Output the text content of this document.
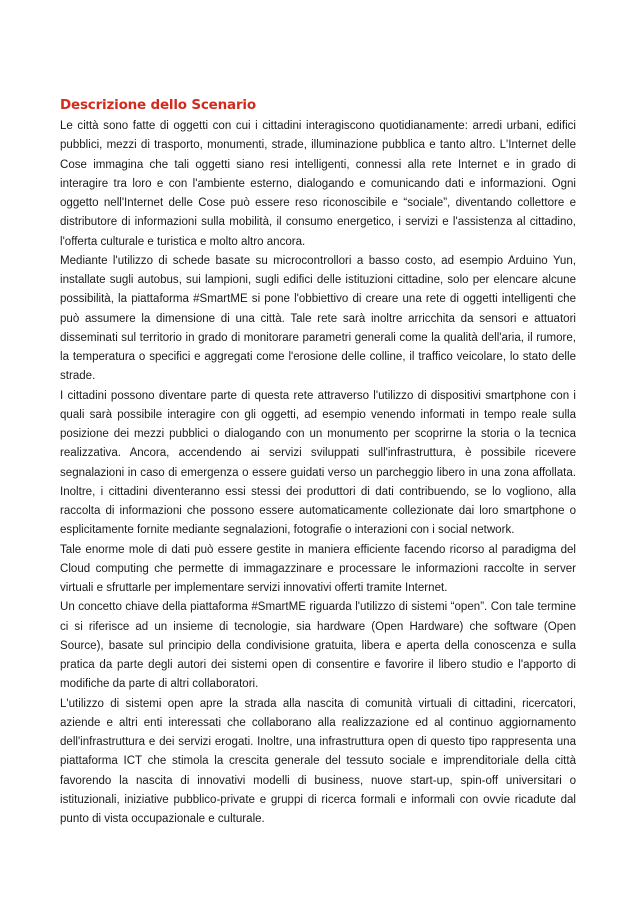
Descrizione dello Scenario

Le città sono fatte di oggetti con cui i cittadini interagiscono quotidianamente: arredi urbani, edifici pubblici, mezzi di trasporto, monumenti, strade, illuminazione pubblica e tanto altro. L'Internet delle Cose immagina che tali oggetti siano resi intelligenti, connessi alla rete Internet e in grado di interagire tra loro e con l'ambiente esterno, dialogando e comunicando dati e informazioni. Ogni oggetto nell'Internet delle Cose può essere reso riconoscibile e “sociale”, diventando collettore e distributore di informazioni sulla mobilità, il consumo energetico, i servizi e l'assistenza al cittadino, l'offerta culturale e turistica e molto altro ancora.

Mediante l'utilizzo di schede basate su microcontrollori a basso costo, ad esempio Arduino Yun, installate sugli autobus, sui lampioni, sugli edifici delle istituzioni cittadine, solo per elencare alcune possibilità, la piattaforma #SmartME si pone l'obbiettivo di creare una rete di oggetti intelligenti che può assumere la dimensione di una città. Tale rete sarà inoltre arricchita da sensori e attuatori disseminati sul territorio in grado di monitorare parametri generali come la qualità dell'aria, il rumore, la temperatura o specifici e aggregati come l'erosione delle colline, il traffico veicolare, lo stato delle strade.

I cittadini possono diventare parte di questa rete attraverso l'utilizzo di dispositivi smartphone con i quali sarà possibile interagire con gli oggetti, ad esempio venendo informati in tempo reale sulla posizione dei mezzi pubblici o dialogando con un monumento per scoprirne la storia o la tecnica realizzativa. Ancora, accendendo ai servizi sviluppati sull'infrastruttura, è possibile ricevere segnalazioni in caso di emergenza o essere guidati verso un parcheggio libero in una zona affollata. Inoltre, i cittadini diventeranno essi stessi dei produttori di dati contribuendo, se lo vogliono, alla raccolta di informazioni che possono essere automaticamente collezionate dai loro smartphone o esplicitamente fornite mediante segnalazioni, fotografie o interazioni con i social network.

Tale enorme mole di dati può essere gestite in maniera efficiente facendo ricorso al paradigma del Cloud computing che permette di immagazzinare e processare le informazioni raccolte in server virtuali e sfruttarle per implementare servizi innovativi offerti tramite Internet.

Un concetto chiave della piattaforma #SmartME riguarda l'utilizzo di sistemi “open”. Con tale termine ci si riferisce ad un insieme di tecnologie, sia hardware (Open Hardware) che software (Open Source), basate sul principio della condivisione gratuita, libera e aperta della conoscenza e sulla pratica da parte degli autori dei sistemi open di consentire e favorire il libero studio e l'apporto di modifiche da parte di altri collaboratori.

L'utilizzo di sistemi open apre la strada alla nascita di comunità virtuali di cittadini, ricercatori, aziende e altri enti interessati che collaborano alla realizzazione ed al continuo aggiornamento dell'infrastruttura e dei servizi erogati. Inoltre, una infrastruttura open di questo tipo rappresenta una piattaforma ICT che stimola la crescita generale del tessuto sociale e imprenditoriale della città favorendo la nascita di innovativi modelli di business, nuove start-up, spin-off universitari o istituzionali, iniziative pubblico-private e gruppi di ricerca formali e informali con ovvie ricadute dal punto di vista occupazionale e culturale.
